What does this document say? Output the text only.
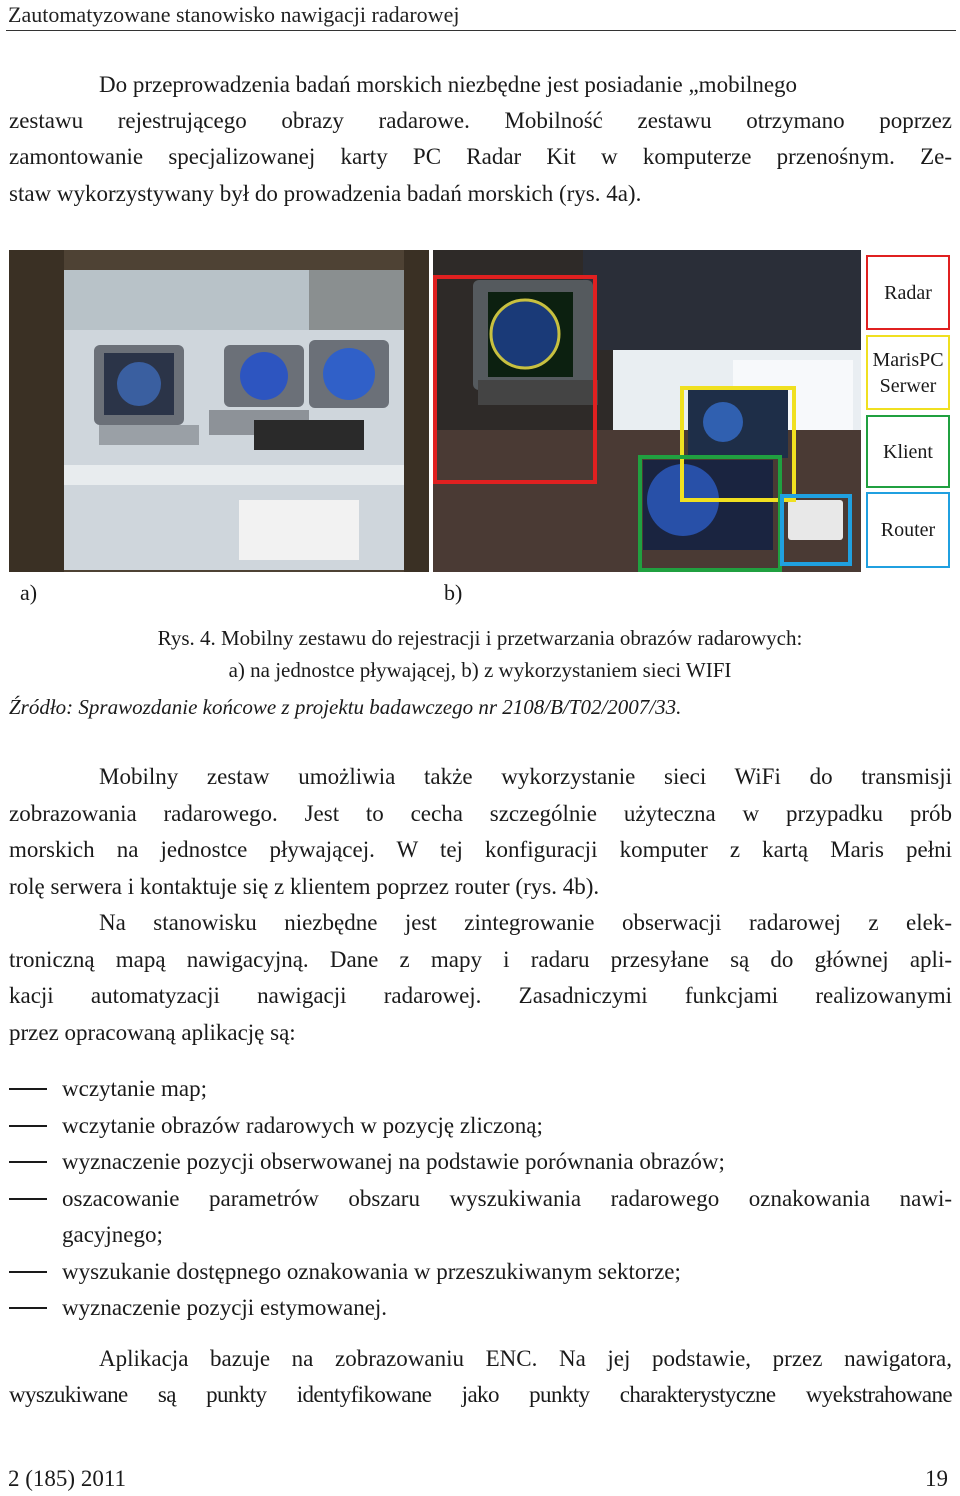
Zautomatyzowane stanowisko nawigacji radarowej

Do przeprowadzenia badań morskich niezbędne jest posiadanie „mobilnego

zestawu rejestrującego obrazy radarowe. Mobilność zestawu otrzymano poprzez

zamontowanie specjalizowanej karty PC Radar Kit w komputerze przenośnym. Ze-

staw wykorzystywany był do prowadzenia badań morskich (rys. 4a).

Radar
MarisPC
Serwer
Klient
Router
a)	b)
Rys. 4. Mobilny zestawu do rejestracji i przetwarzania obrazów radarowych:
a) na jednostce pływającej, b) z wykorzystaniem sieci WIFI
Źródło: Sprawozdanie końcowe z projektu badawczego nr 2108/B/T02/2007/33.

Mobilny zestaw umożliwia także wykorzystanie sieci WiFi do transmisji

zobrazowania radarowego. Jest to cecha szczególnie użyteczna w przypadku prób

morskich na jednostce pływającej. W tej konfiguracji komputer z kartą Maris pełni

rolę serwera i kontaktuje się z klientem poprzez router (rys. 4b).

Na stanowisku niezbędne jest zintegrowanie obserwacji radarowej z elek-

troniczną mapą nawigacyjną. Dane z mapy i radaru przesyłane są do głównej apli-

kacji automatyzacji nawigacji radarowej. Zasadniczymi funkcjami realizowanymi

przez opracowaną aplikację są:

wczytanie map;
wczytanie obrazów radarowych w pozycję zliczoną;
wyznaczenie pozycji obserwowanej na podstawie porównania obrazów;
oszacowanie parametrów obszaru wyszukiwania radarowego oznakowania nawi-
gacyjnego;
wyszukanie dostępnego oznakowania w przeszukiwanym sektorze;
wyznaczenie pozycji estymowanej.

Aplikacja bazuje na zobrazowaniu ENC. Na jej podstawie, przez nawigatora,

wyszukiwane są punkty identyfikowane jako punkty charakterystyczne wyekstrahowane

2 (185) 2011	19
